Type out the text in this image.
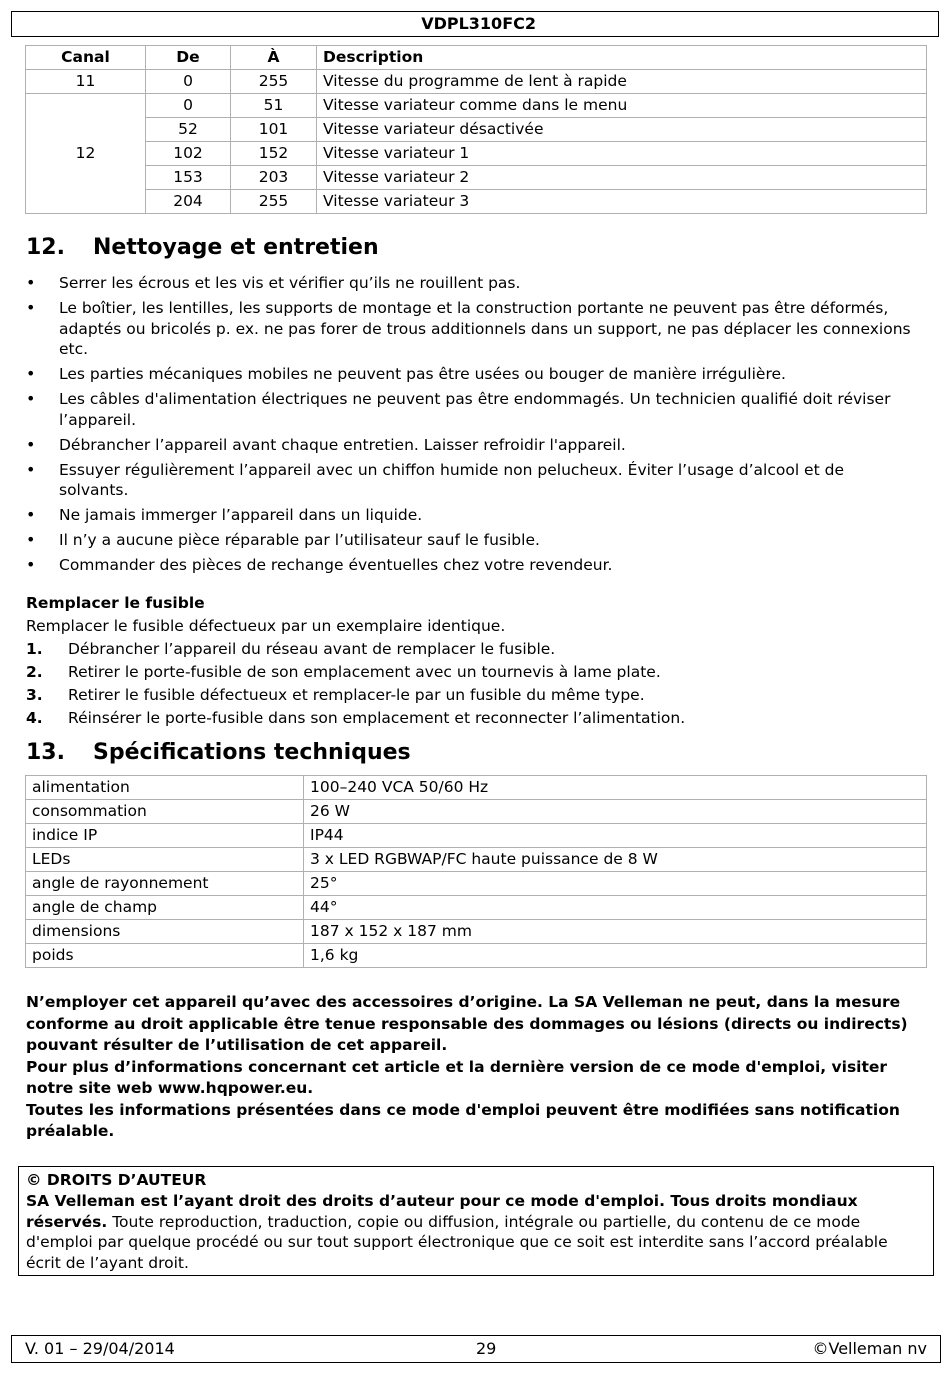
VDPL310FC2
Canal	De	À	Description
11	0	255	Vitesse du programme de lent à rapide
12	0	51	Vitesse variateur comme dans le menu
	52	101	Vitesse variateur désactivée
	102	152	Vitesse variateur 1
	153	203	Vitesse variateur 2
	204	255	Vitesse variateur 3
12. Nettoyage et entretien
• Serrer les écrous et les vis et vérifier qu’ils ne rouillent pas.
• Le boîtier, les lentilles, les supports de montage et la construction portante ne peuvent pas être déformés, adaptés ou bricolés p. ex. ne pas forer de trous additionnels dans un support, ne pas déplacer les connexions etc.
• Les parties mécaniques mobiles ne peuvent pas être usées ou bouger de manière irrégulière.
• Les câbles d'alimentation électriques ne peuvent pas être endommagés. Un technicien qualifié doit réviser l’appareil.
• Débrancher l’appareil avant chaque entretien. Laisser refroidir l'appareil.
• Essuyer régulièrement l’appareil avec un chiffon humide non pelucheux. Éviter l’usage d’alcool et de solvants.
• Ne jamais immerger l’appareil dans un liquide.
• Il n’y a aucune pièce réparable par l’utilisateur sauf le fusible.
• Commander des pièces de rechange éventuelles chez votre revendeur.

Remplacer le fusible

Remplacer le fusible défectueux par un exemplaire identique.
1. Débrancher l’appareil du réseau avant de remplacer le fusible.
2. Retirer le porte-fusible de son emplacement avec un tournevis à lame plate.
3. Retirer le fusible défectueux et remplacer-le par un fusible du même type.
4. Réinsérer le porte-fusible dans son emplacement et reconnecter l’alimentation.
13. Spécifications techniques
alimentation	100–240 VCA 50/60 Hz
consommation	26 W
indice IP	IP44
LEDs	3 x LED RGBWAP/FC haute puissance de 8 W
angle de rayonnement	25°
angle de champ	44°
dimensions	187 x 152 x 187 mm
poids	1,6 kg

N’employer cet appareil qu’avec des accessoires d’origine. La SA Velleman ne peut, dans la mesure conforme au droit applicable être tenue responsable des dommages ou lésions (directs ou indirects) pouvant résulter de l’utilisation de cet appareil.

Pour plus d’informations concernant cet article et la dernière version de ce mode d'emploi, visiter notre site web www.hqpower.eu.

Toutes les informations présentées dans ce mode d'emploi peuvent être modifiées sans notification préalable.

© DROITS D’AUTEUR

SA Velleman est l’ayant droit des droits d’auteur pour ce mode d'emploi. Tous droits mondiaux réservés. Toute reproduction, traduction, copie ou diffusion, intégrale ou partielle, du contenu de ce mode d'emploi par quelque procédé ou sur tout support électronique que ce soit est interdite sans l’accord préalable écrit de l’ayant droit.

V. 01 – 29/04/2014	29	©Velleman nv
